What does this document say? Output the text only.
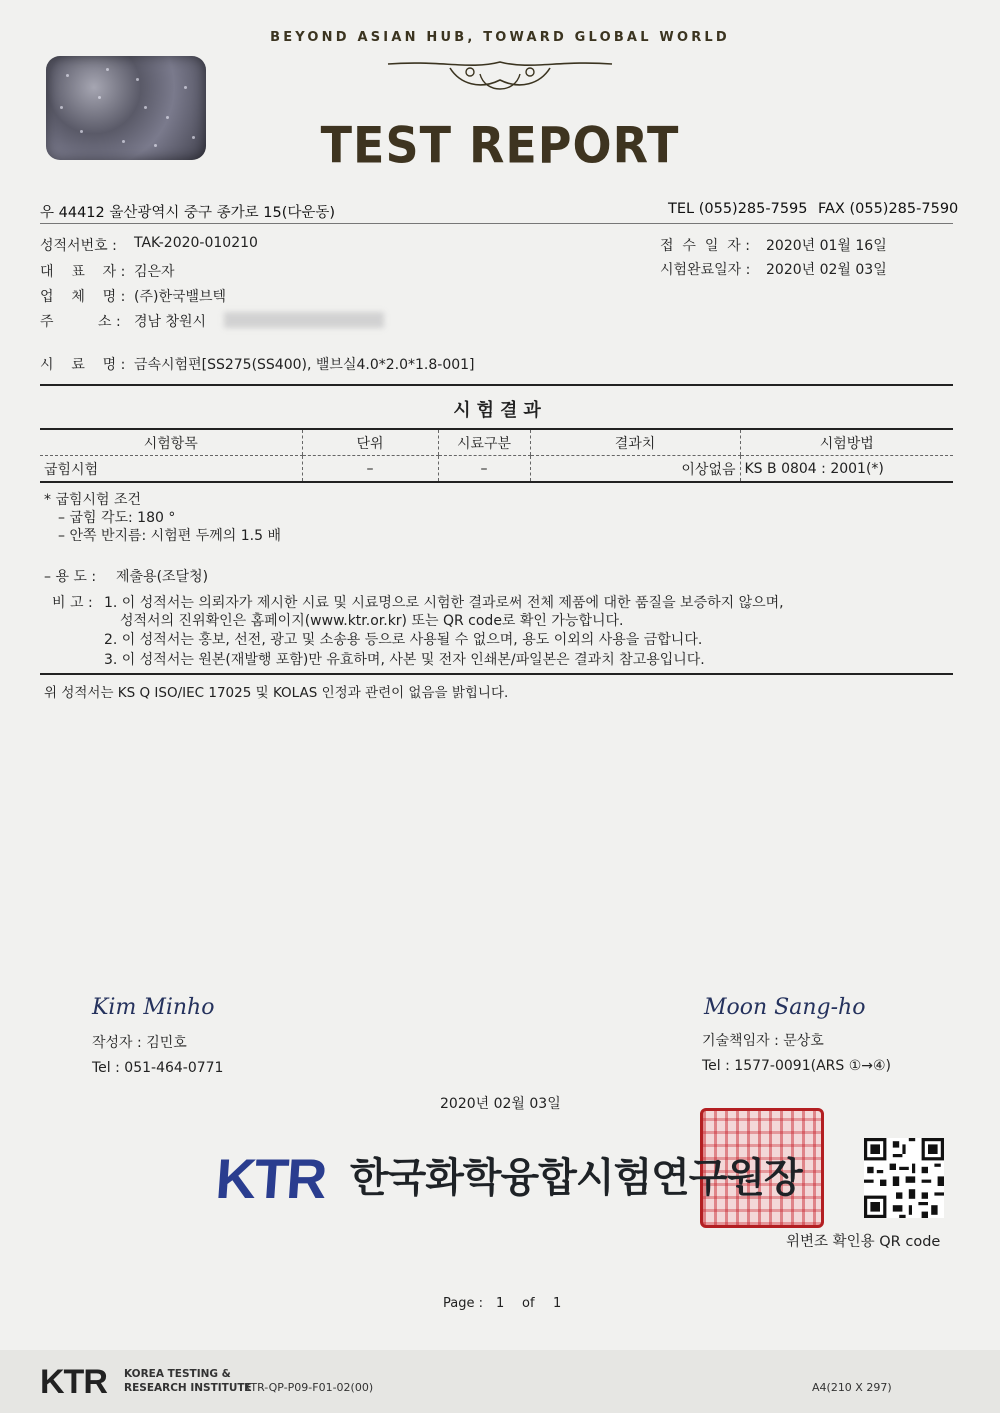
BEYOND ASIAN HUB, TOWARD GLOBAL WORLD
TEST REPORT
우 44412 울산광역시 중구 종가로 15(다운동)	TEL (055)285-7595 FAX (055)285-7590
성적서번호 : TAK-2020-010210
대    표    자 : 김은자
업    체    명 : (주)한국밸브텍
주          소 : 경남 창원시
시    료    명 : 금속시험편[SS275(SS400), 밸브실4.0*2.0*1.8-001]
접  수  일  자 : 2020년 01월 16일
시험완료일자 : 2020년 02월 03일
시험결과
시험항목	단위	시료구분	결과치	시험방법
굽힘시험	–	–	이상없음	KS B 0804 : 2001(*)
* 굽힘시험 조건
– 굽힘 각도: 180 °
– 안쪽 반지름: 시험편 두께의 1.5 배
– 용 도 : 제출용(조달청)
비 고 : 1. 이 성적서는 의뢰자가 제시한 시료 및 시료명으로 시험한 결과로써 전체 제품에 대한 품질을 보증하지 않으며,
성적서의 진위확인은 홈페이지(www.ktr.or.kr) 또는 QR code로 확인 가능합니다.
2. 이 성적서는 홍보, 선전, 광고 및 소송용 등으로 사용될 수 없으며, 용도 이외의 사용을 금합니다.
3. 이 성적서는 원본(재발행 포함)만 유효하며, 사본 및 전자 인쇄본/파일본은 결과치 참고용입니다.
위 성적서는 KS Q ISO/IEC 17025 및 KOLAS 인정과 관련이 없음을 밝힙니다.
Kim Minho
작성자 : 김민호
Tel : 051-464-0771
Moon Sang-ho
기술책임자 : 문상호
Tel : 1577-0091(ARS ①→④)
2020년 02월 03일
KTR 한국화학융합시험연구원장
위변조 확인용 QR code
Page : 1 of 1
KTR KOREA TESTING &
RESEARCH INSTITUTE
KTR-QP-P09-F01-02(00)	A4(210 X 297)
